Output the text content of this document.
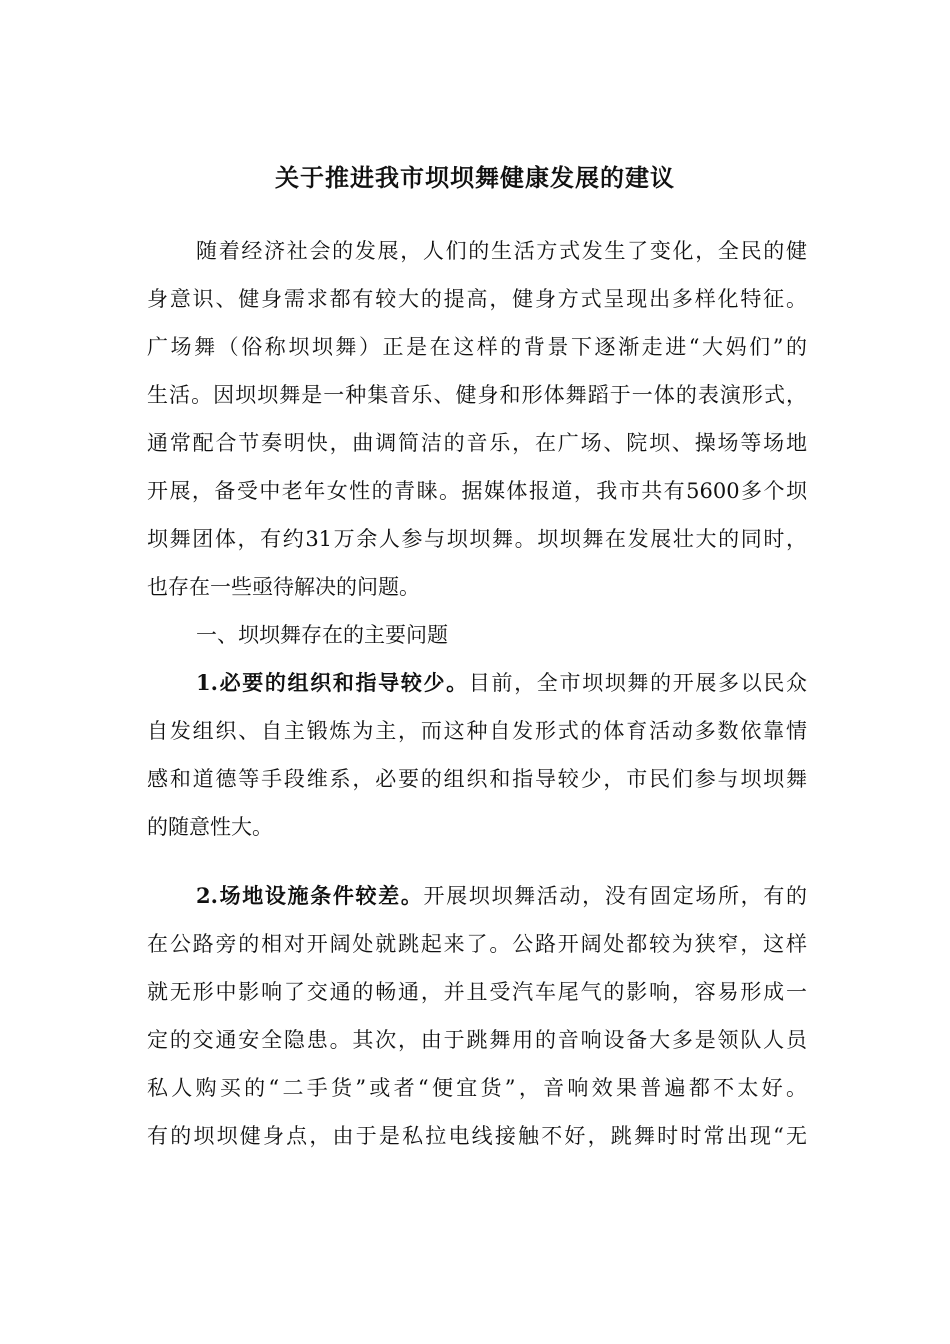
关于推进我市坝坝舞健康发展的建议
随着经济社会的发展，人们的生活方式发生了变化，全民的健
身意识、健身需求都有较大的提高，健身方式呈现出多样化特征。
广场舞（俗称坝坝舞）正是在这样的背景下逐渐走进“大妈们”的
生活。因坝坝舞是一种集音乐、健身和形体舞蹈于一体的表演形式，
通常配合节奏明快，曲调简洁的音乐，在广场、院坝、操场等场地
开展，备受中老年女性的青睐。据媒体报道，我市共有5600多个坝
坝舞团体，有约31万余人参与坝坝舞。坝坝舞在发展壮大的同时，
也存在一些亟待解决的问题。
一、坝坝舞存在的主要问题
1.必要的组织和指导较少。目前，全市坝坝舞的开展多以民众
自发组织、自主锻炼为主，而这种自发形式的体育活动多数依靠情
感和道德等手段维系，必要的组织和指导较少，市民们参与坝坝舞
的随意性大。
2.场地设施条件较差。开展坝坝舞活动，没有固定场所，有的
在公路旁的相对开阔处就跳起来了。公路开阔处都较为狭窄，这样
就无形中影响了交通的畅通，并且受汽车尾气的影响，容易形成一
定的交通安全隐患。其次，由于跳舞用的音响设备大多是领队人员
私人购买的“二手货”或者“便宜货”，音响效果普遍都不太好。
有的坝坝健身点，由于是私拉电线接触不好，跳舞时时常出现“无
